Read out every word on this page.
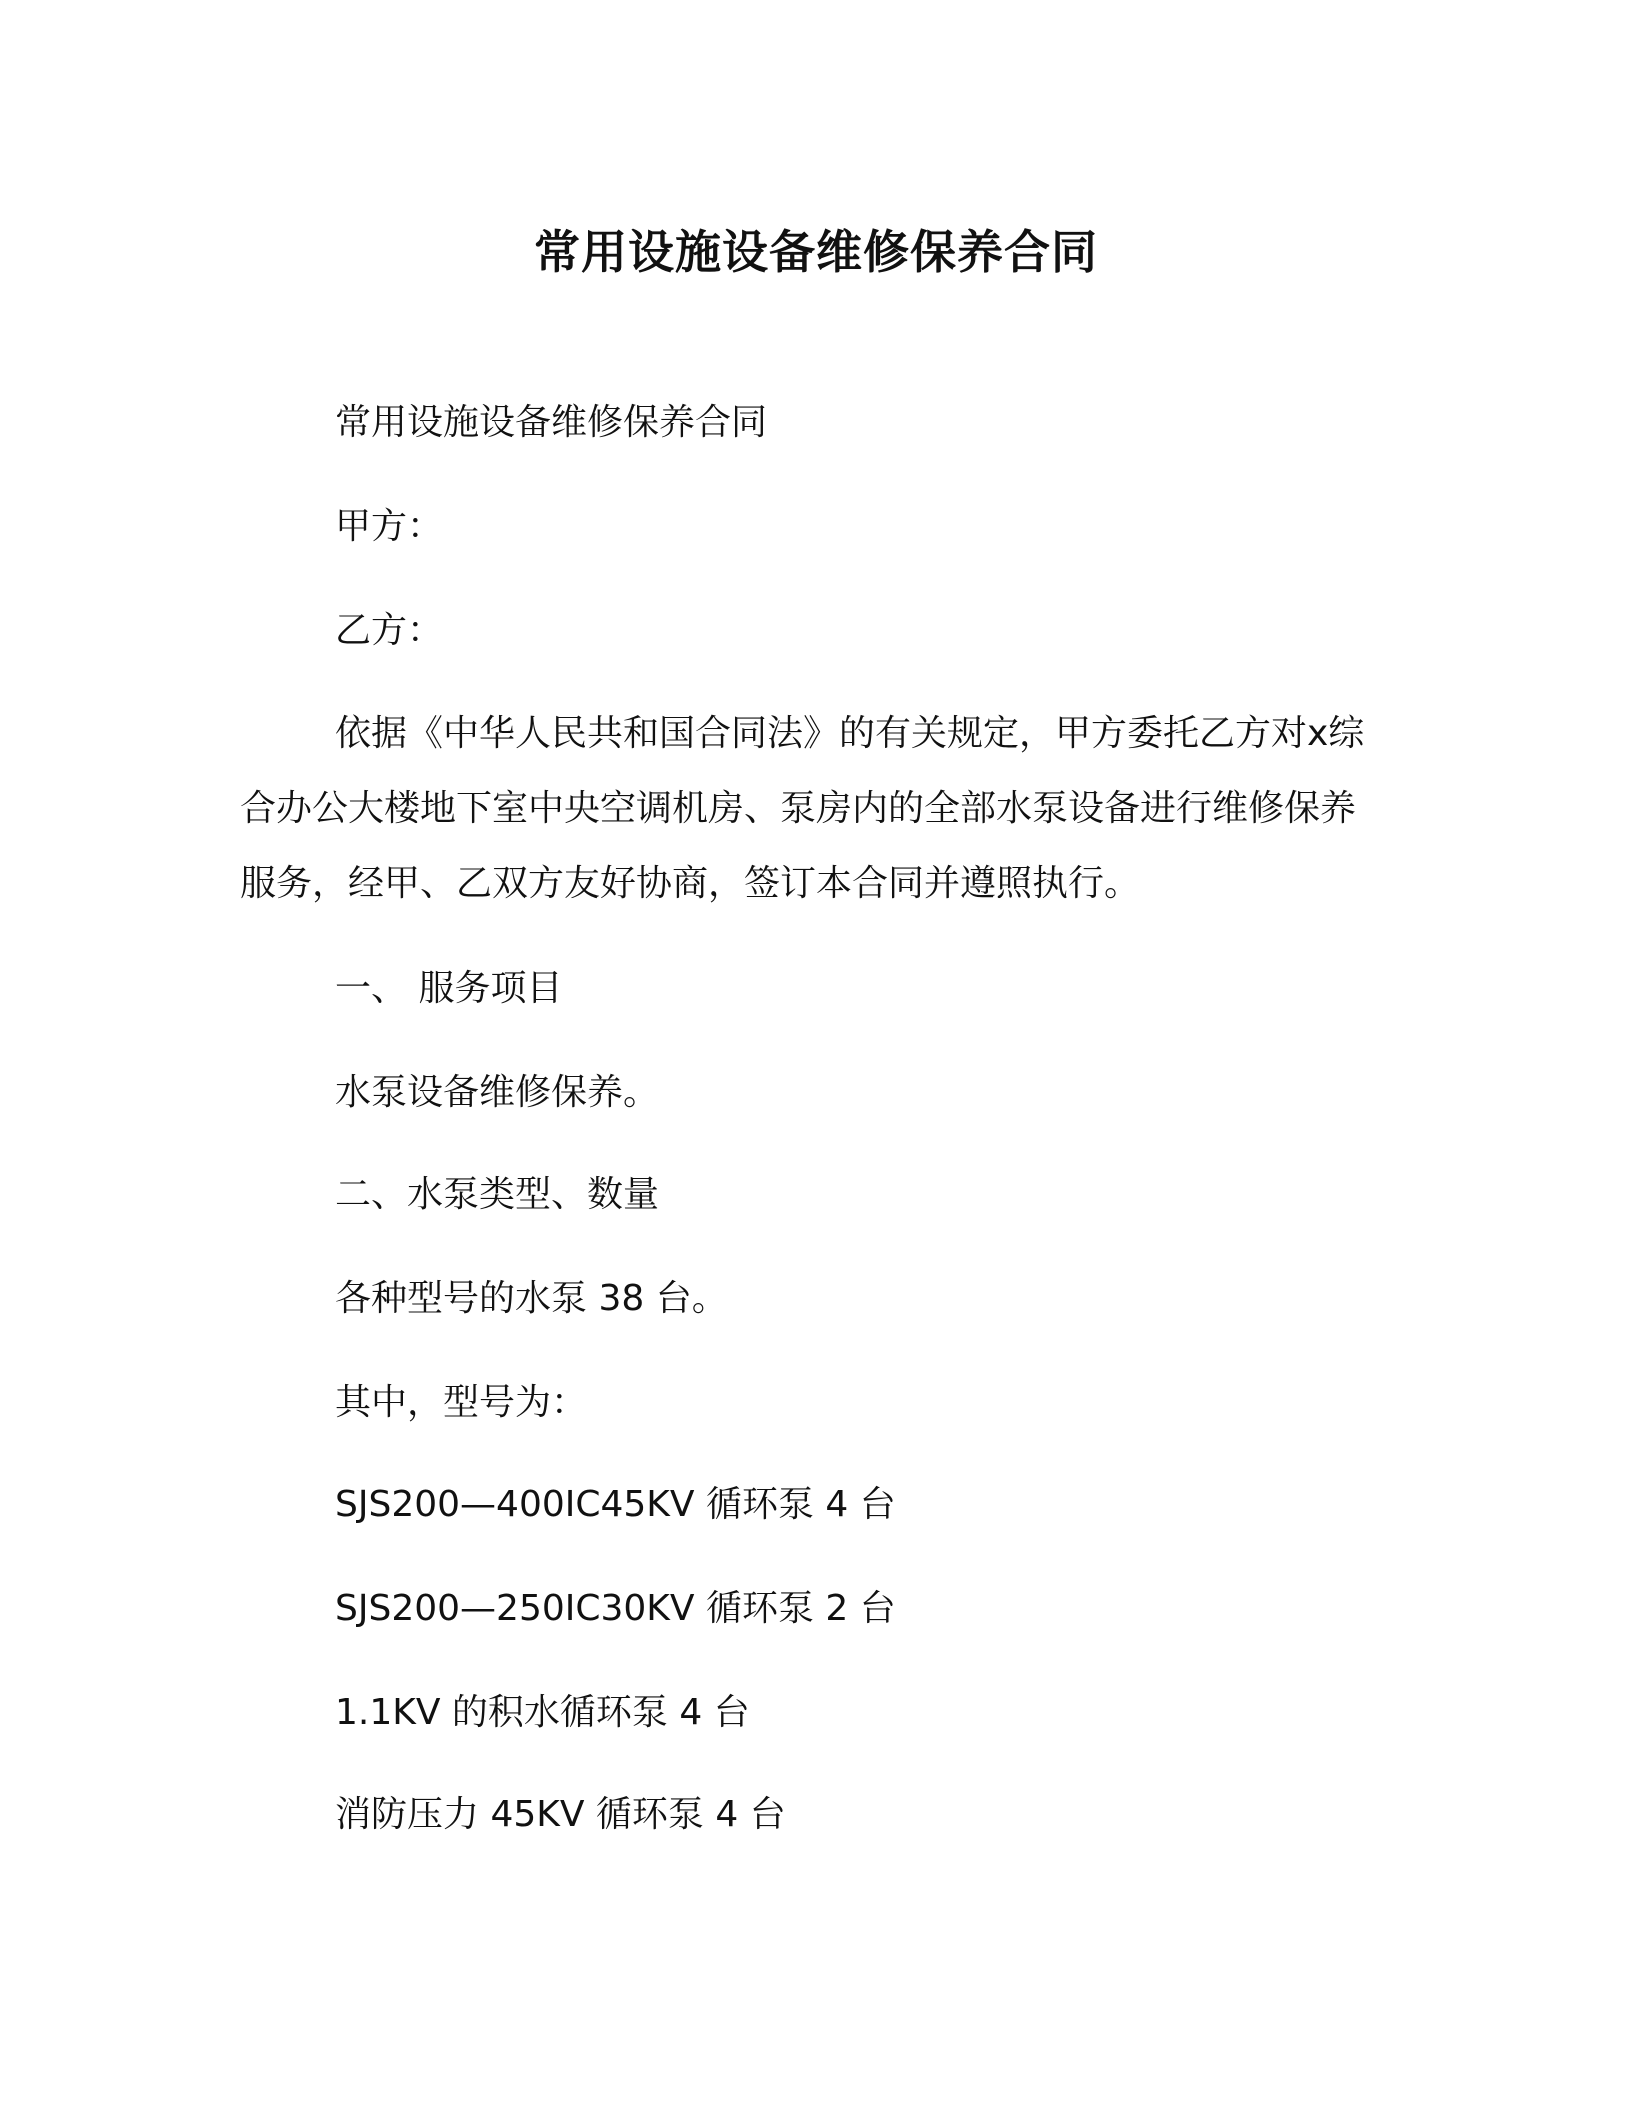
常用设施设备维修保养合同
常用设施设备维修保养合同
甲方：
乙方：
依据《中华人民共和国合同法》的有关规定，甲方委托乙方对x综合办公大楼地下室中央空调机房、泵房内的全部水泵设备进行维修保养服务，经甲、乙双方友好协商，签订本合同并遵照执行。
一、 服务项目
水泵设备维修保养。
二、水泵类型、数量
各种型号的水泵 38 台。
其中，型号为：
SJS200—400IC45KV 循环泵 4 台
SJS200—250IC30KV 循环泵 2 台
1.1KV 的积水循环泵 4 台
消防压力 45KV 循环泵 4 台
